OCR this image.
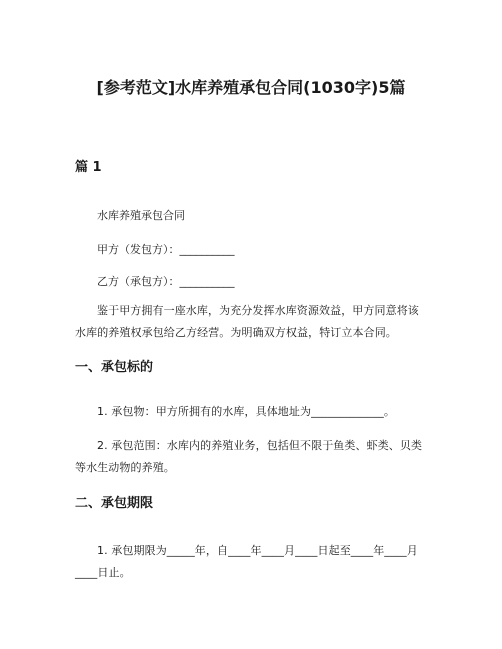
[参考范文]水库养殖承包合同(1030字)5篇
篇 1
水库养殖承包合同
甲方（发包方）：__________
乙方（承包方）：__________
鉴于甲方拥有一座水库，为充分发挥水库资源效益，甲方同意将该水库的养殖权承包给乙方经营。为明确双方权益，特订立本合同。
一、承包标的
1. 承包物：甲方所拥有的水库，具体地址为_____________。
2. 承包范围：水库内的养殖业务，包括但不限于鱼类、虾类、贝类等水生动物的养殖。
二、承包期限
1. 承包期限为_____年，自____年____月____日起至____年____月____日止。
